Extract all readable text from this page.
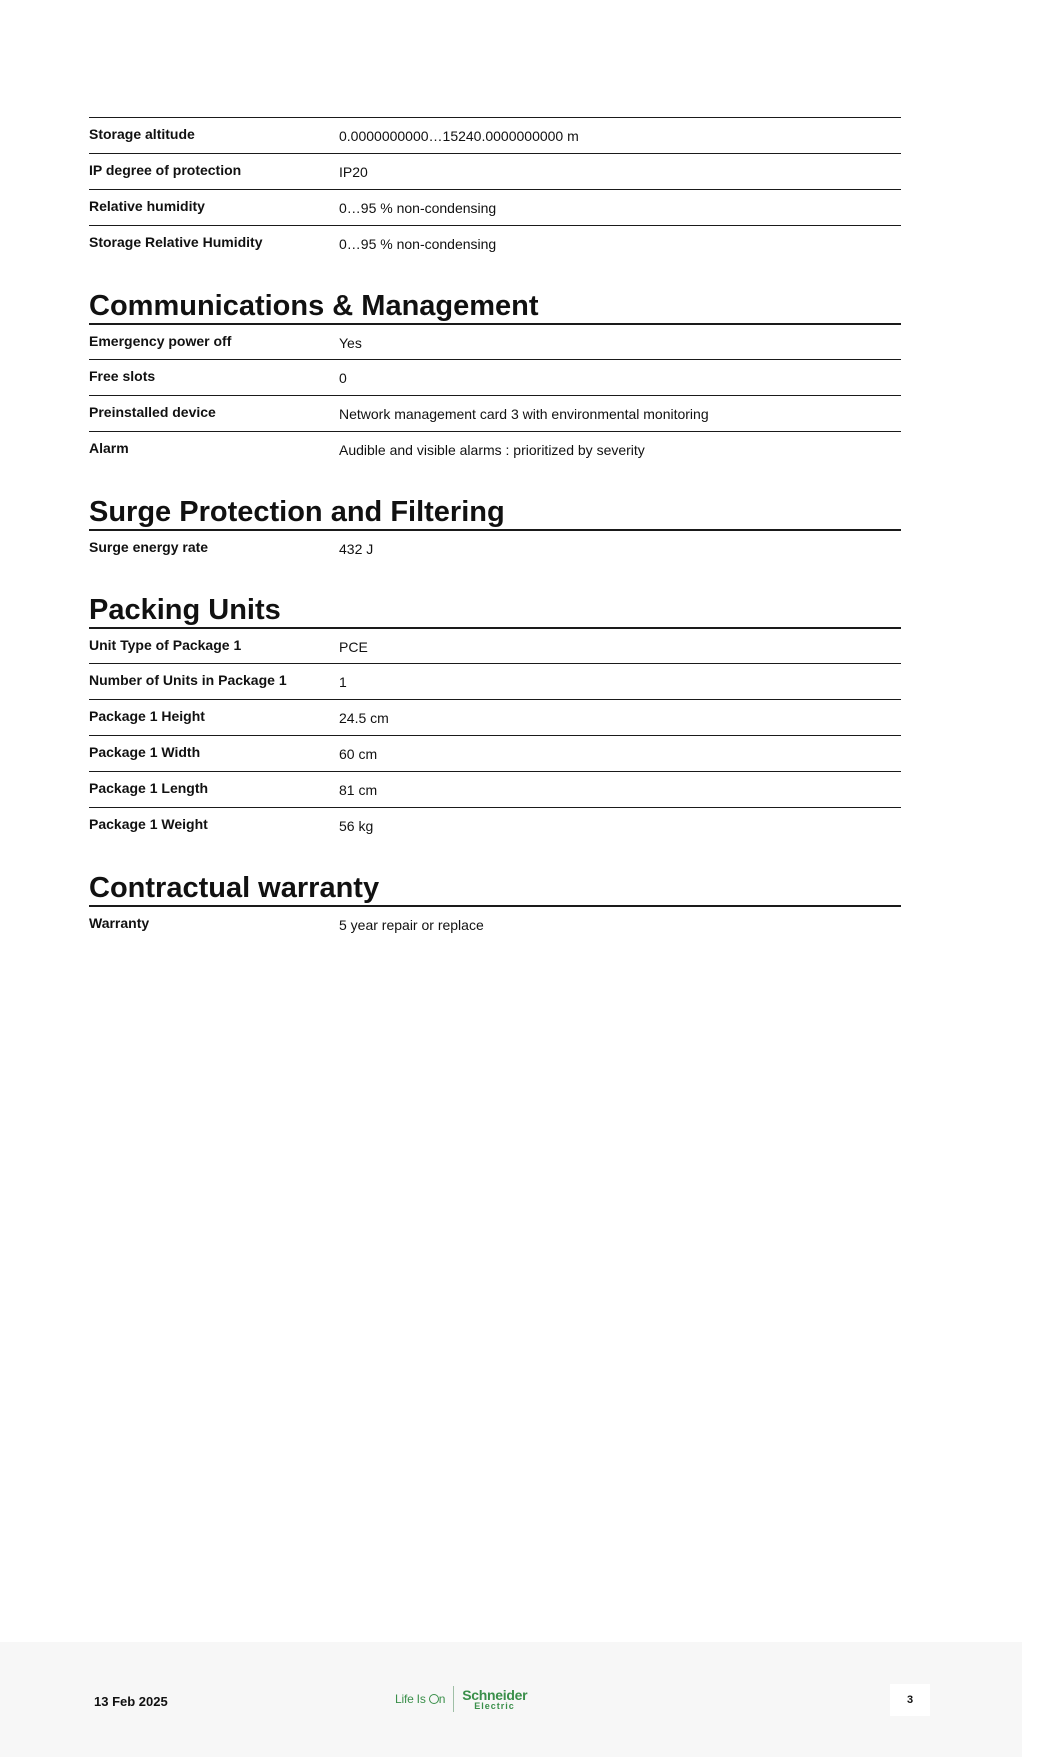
Storage altitude	0.0000000000…15240.0000000000 m
IP degree of protection	IP20
Relative humidity	0…95 % non-condensing
Storage Relative Humidity	0…95 % non-condensing
Communications & Management
Emergency power off	Yes
Free slots	0
Preinstalled device	Network management card 3 with environmental monitoring
Alarm	Audible and visible alarms : prioritized by severity
Surge Protection and Filtering
Surge energy rate	432 J
Packing Units
Unit Type of Package 1	PCE
Number of Units in Package 1	1
Package 1 Height	24.5 cm
Package 1 Width	60 cm
Package 1 Length	81 cm
Package 1 Weight	56 kg
Contractual warranty
Warranty	5 year repair or replace
13 Feb 2025	Life Is n Schneider
Electric	3
